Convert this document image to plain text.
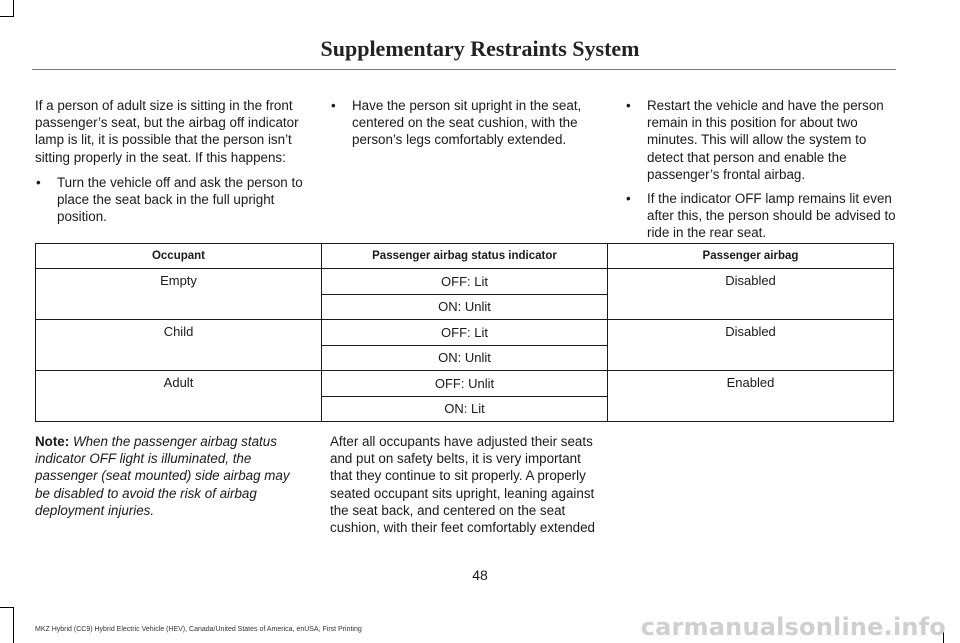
Supplementary Restraints System

If a person of adult size is sitting in the front passenger’s seat, but the airbag off indicator lamp is lit, it is possible that the person isn’t sitting properly in the seat. If this happens:

• Turn the vehicle off and ask the person to place the seat back in the full upright position.
• Have the person sit upright in the seat, centered on the seat cushion, with the person’s legs comfortably extended.
• Restart the vehicle and have the person remain in this position for about two minutes. This will allow the system to detect that person and enable the passenger’s frontal airbag.
• If the indicator OFF lamp remains lit even after this, the person should be advised to ride in the rear seat.
Occupant	Passenger airbag status indicator	Passenger airbag
Empty	OFF: Lit	Disabled
	ON: Unlit	
Child	OFF: Lit	Disabled
	ON: Unlit	
Adult	OFF: Unlit	Enabled
	ON: Lit	
Note: When the passenger airbag status indicator OFF light is illuminated, the passenger (seat mounted) side airbag may be disabled to avoid the risk of airbag deployment injuries.
After all occupants have adjusted their seats and put on safety belts, it is very important that they continue to sit properly. A properly seated occupant sits upright, leaning against the seat back, and centered on the seat cushion, with their feet comfortably extended
48
MKZ Hybrid (CC9) Hybrid Electric Vehicle (HEV), Canada/United States of America, enUSA, First Printing	carmanualsonline.info
